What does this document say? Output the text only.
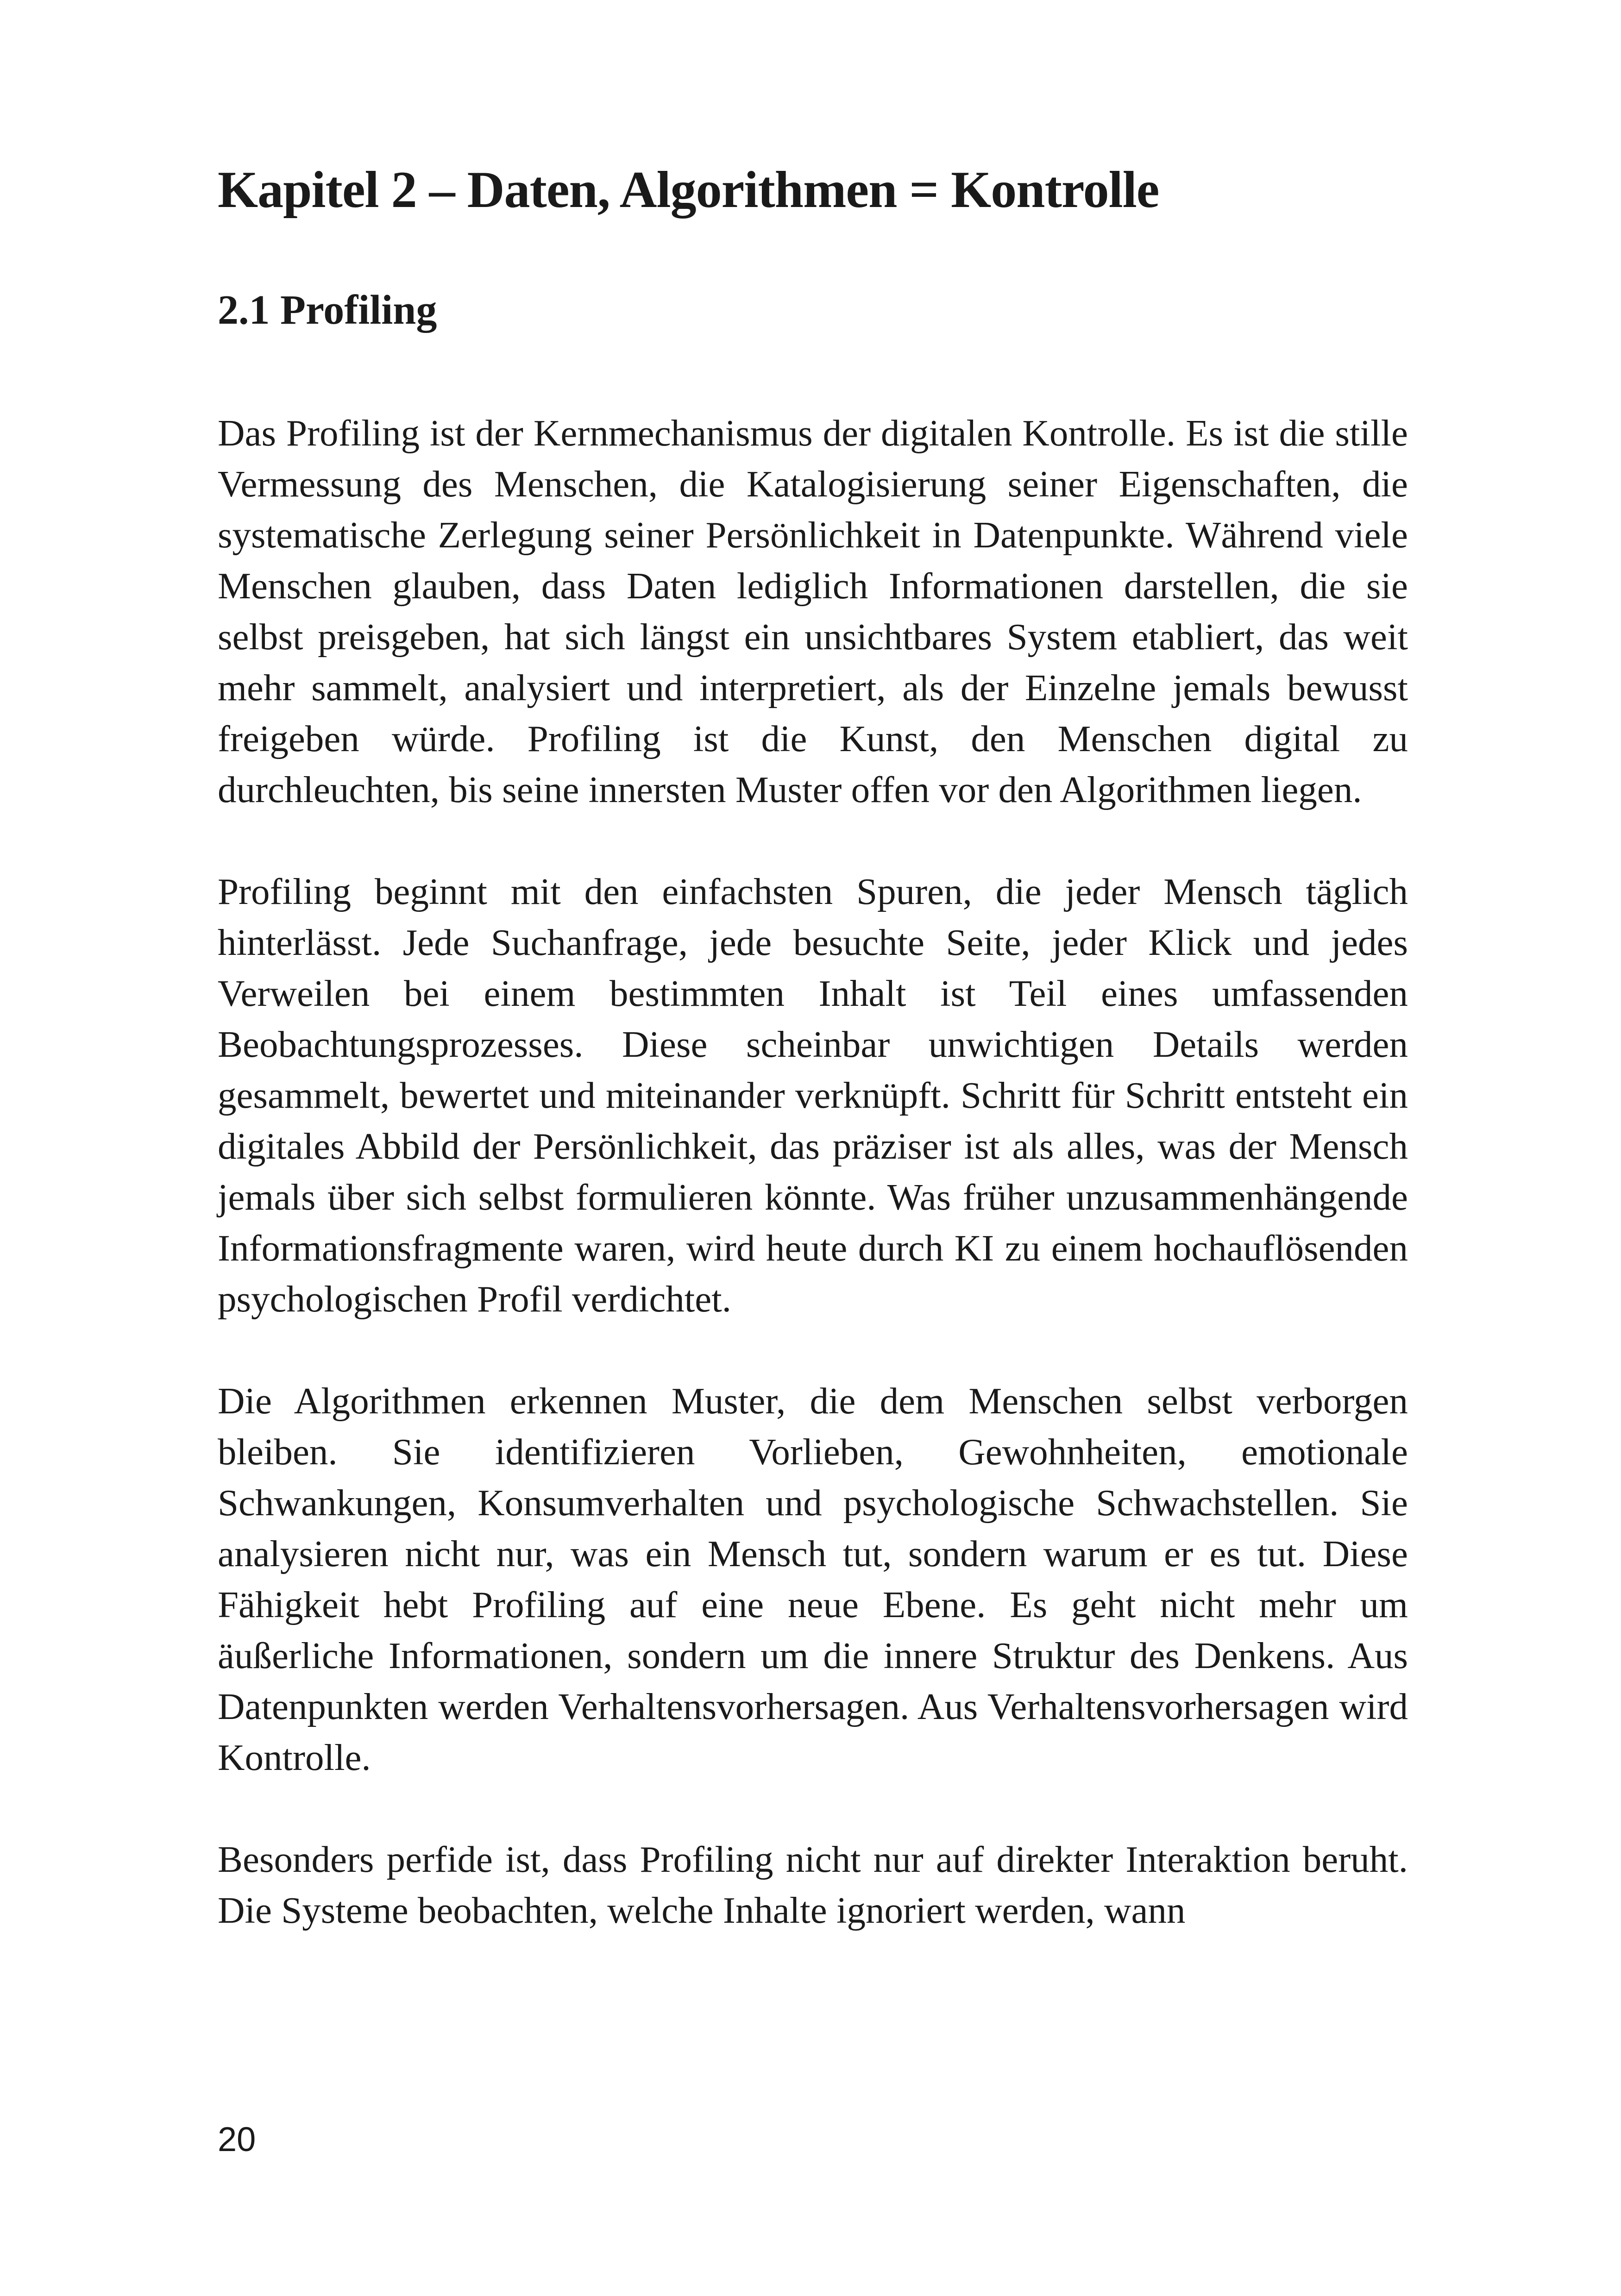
Kapitel 2 – Daten, Algorithmen = Kontrolle
2.1 Profiling

Das Profiling ist der Kernmechanismus der digitalen Kontrolle. Es ist die stille Vermessung des Menschen, die Katalogisierung seiner Eigenschaften, die systematische Zerlegung seiner Persönlichkeit in Datenpunkte. Während viele Menschen glauben, dass Daten lediglich Informationen darstellen, die sie selbst preisgeben, hat sich längst ein unsichtbares System etabliert, das weit mehr sammelt, analysiert und interpretiert, als der Einzelne jemals bewusst freigeben würde. Profiling ist die Kunst, den Menschen digital zu durchleuchten, bis seine innersten Muster offen vor den Algorithmen liegen.

Profiling beginnt mit den einfachsten Spuren, die jeder Mensch täglich hinterlässt. Jede Suchanfrage, jede besuchte Seite, jeder Klick und jedes Verweilen bei einem bestimmten Inhalt ist Teil eines umfassenden Beobachtungsprozesses. Diese scheinbar unwichtigen Details werden gesammelt, bewertet und miteinander verknüpft. Schritt für Schritt entsteht ein digitales Abbild der Persönlichkeit, das präziser ist als alles, was der Mensch jemals über sich selbst formulieren könnte. Was früher unzusammenhängende Informationsfragmente waren, wird heute durch KI zu einem hochauflösenden psychologischen Profil verdichtet.

Die Algorithmen erkennen Muster, die dem Menschen selbst verborgen bleiben. Sie identifizieren Vorlieben, Gewohnheiten, emotionale Schwankungen, Konsumverhalten und psychologische Schwachstellen. Sie analysieren nicht nur, was ein Mensch tut, sondern warum er es tut. Diese Fähigkeit hebt Profiling auf eine neue Ebene. Es geht nicht mehr um äußerliche Informationen, sondern um die innere Struktur des Denkens. Aus Datenpunkten werden Verhaltensvorhersagen. Aus Verhaltensvorhersagen wird Kontrolle.

Besonders perfide ist, dass Profiling nicht nur auf direkter Interaktion beruht. Die Systeme beobachten, welche Inhalte ignoriert werden, wann

20
